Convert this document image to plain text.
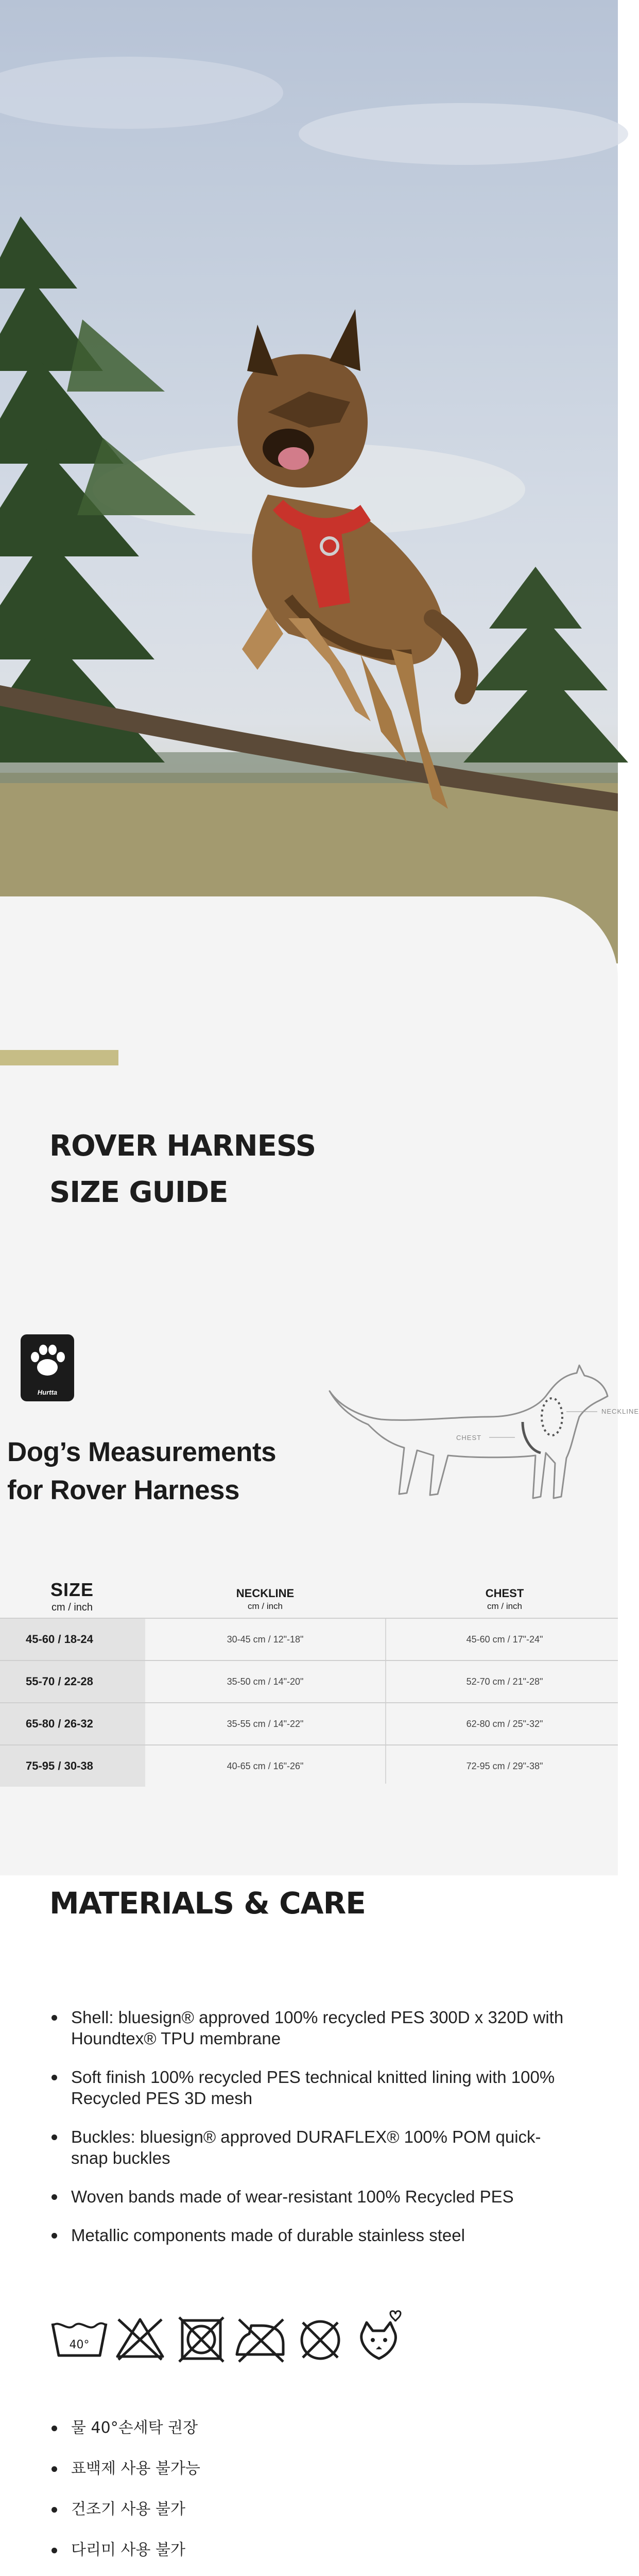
ROVER HARNESS
SIZE GUIDE
Hurtta
Dog’s Measurements
for Rover Harness
NECKLINE
CHEST
SIZE
cm / inch
NECKLINE
cm / inch
CHEST
cm / inch
45-60 / 18-24	30-45 cm / 12"-18"	45-60 cm / 17"-24"
55-70 / 22-28	35-50 cm / 14"-20"	52-70 cm / 21"-28"
65-80 / 26-32	35-55 cm / 14"-22"	62-80 cm / 25"-32"
75-95 / 30-38	40-65 cm / 16"-26"	72-95 cm / 29"-38"
MATERIALS & CARE
Shell: bluesign® approved 100% recycled PES 300D x 320D with Houndtex® TPU membrane
Soft finish 100% recycled PES technical knitted lining with 100% Recycled PES 3D mesh
Buckles: bluesign® approved DURAFLEX® 100% POM quick-snap buckles
Woven bands made of wear-resistant 100% Recycled PES
Metallic components made of durable stainless steel
40°
물 40°손세탁 권장
표백제 사용 불가능
건조기 사용 불가
다리미 사용 불가
